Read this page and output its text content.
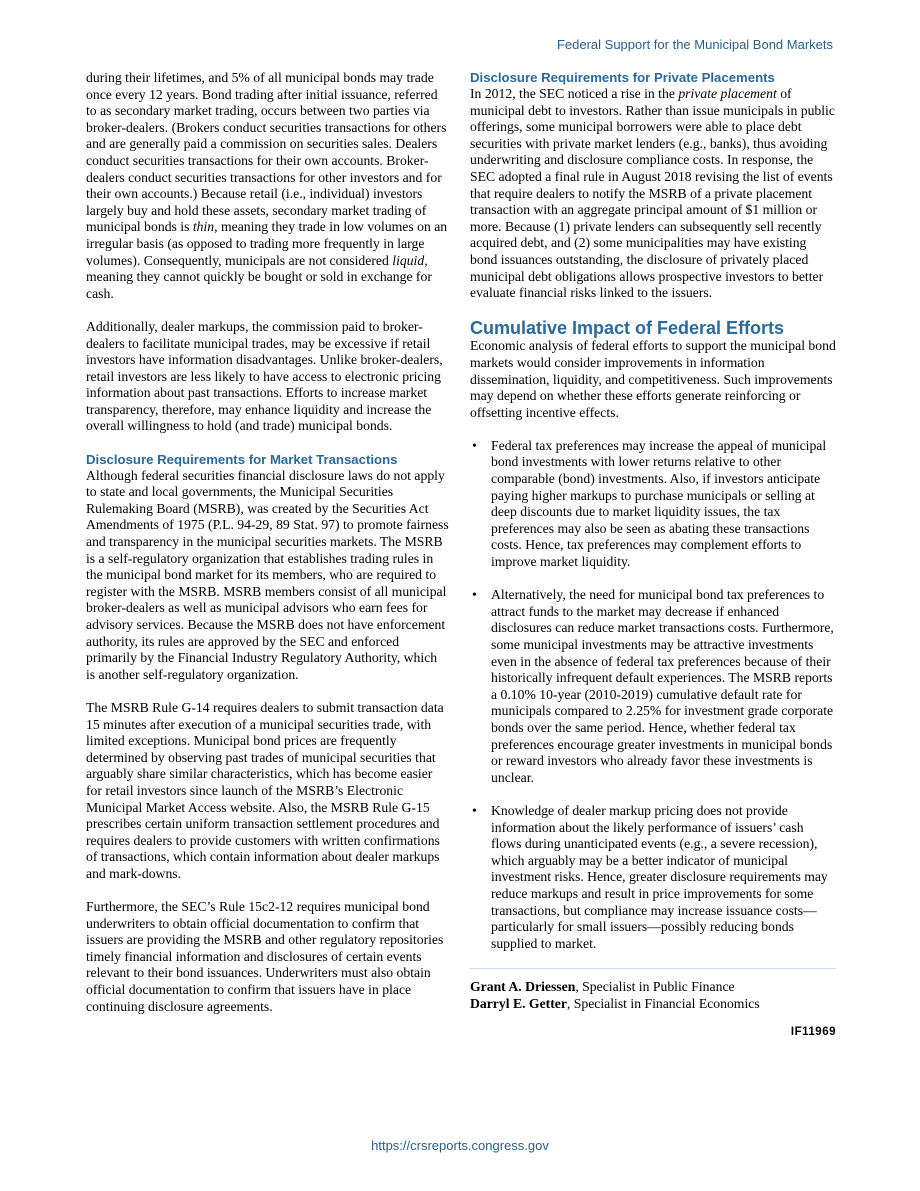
Federal Support for the Municipal Bond Markets

during their lifetimes, and 5% of all municipal bonds may trade once every 12 years. Bond trading after initial issuance, referred to as secondary market trading, occurs between two parties via broker-dealers. (Brokers conduct securities transactions for others and are generally paid a commission on securities sales. Dealers conduct securities transactions for their own accounts. Broker-dealers conduct securities transactions for other investors and for their own accounts.) Because retail (i.e., individual) investors largely buy and hold these assets, secondary market trading of municipal bonds is thin, meaning they trade in low volumes on an irregular basis (as opposed to trading more frequently in large volumes). Consequently, municipals are not considered liquid, meaning they cannot quickly be bought or sold in exchange for cash.

Additionally, dealer markups, the commission paid to broker-dealers to facilitate municipal trades, may be excessive if retail investors have information disadvantages. Unlike broker-dealers, retail investors are less likely to have access to electronic pricing information about past transactions. Efforts to increase market transparency, therefore, may enhance liquidity and increase the overall willingness to hold (and trade) municipal bonds.

Disclosure Requirements for Market Transactions

Although federal securities financial disclosure laws do not apply to state and local governments, the Municipal Securities Rulemaking Board (MSRB), was created by the Securities Act Amendments of 1975 (P.L. 94-29, 89 Stat. 97) to promote fairness and transparency in the municipal securities markets. The MSRB is a self-regulatory organization that establishes trading rules in the municipal bond market for its members, who are required to register with the MSRB. MSRB members consist of all municipal broker-dealers as well as municipal advisors who earn fees for advisory services. Because the MSRB does not have enforcement authority, its rules are approved by the SEC and enforced primarily by the Financial Industry Regulatory Authority, which is another self-regulatory organization.

The MSRB Rule G-14 requires dealers to submit transaction data 15 minutes after execution of a municipal securities trade, with limited exceptions. Municipal bond prices are frequently determined by observing past trades of municipal securities that arguably share similar characteristics, which has become easier for retail investors since launch of the MSRB’s Electronic Municipal Market Access website. Also, the MSRB Rule G-15 prescribes certain uniform transaction settlement procedures and requires dealers to provide customers with written confirmations of transactions, which contain information about dealer markups and mark-downs.

Furthermore, the SEC’s Rule 15c2-12 requires municipal bond underwriters to obtain official documentation to confirm that issuers are providing the MSRB and other regulatory repositories timely financial information and disclosures of certain events relevant to their bond issuances. Underwriters must also obtain official documentation to confirm that issuers have in place continuing disclosure agreements.

Disclosure Requirements for Private Placements

In 2012, the SEC noticed a rise in the private placement of municipal debt to investors. Rather than issue municipals in public offerings, some municipal borrowers were able to place debt securities with private market lenders (e.g., banks), thus avoiding underwriting and disclosure compliance costs. In response, the SEC adopted a final rule in August 2018 revising the list of events that require dealers to notify the MSRB of a private placement transaction with an aggregate principal amount of $1 million or more. Because (1) private lenders can subsequently sell recently acquired debt, and (2) some municipalities may have existing bond issuances outstanding, the disclosure of privately placed municipal debt obligations allows prospective investors to better evaluate financial risks linked to the issuers.

Cumulative Impact of Federal Efforts

Economic analysis of federal efforts to support the municipal bond markets would consider improvements in information dissemination, liquidity, and competitiveness. Such improvements may depend on whether these efforts generate reinforcing or offsetting incentive effects.

• Federal tax preferences may increase the appeal of municipal bond investments with lower returns relative to other comparable (bond) investments. Also, if investors anticipate paying higher markups to purchase municipals or selling at deep discounts due to market liquidity issues, the tax preferences may also be seen as abating these transactions costs. Hence, tax preferences may complement efforts to improve market liquidity.
• Alternatively, the need for municipal bond tax preferences to attract funds to the market may decrease if enhanced disclosures can reduce market transactions costs. Furthermore, some municipal investments may be attractive investments even in the absence of federal tax preferences because of their historically infrequent default experiences. The MSRB reports a 0.10% 10-year (2010-2019) cumulative default rate for municipals compared to 2.25% for investment grade corporate bonds over the same period. Hence, whether federal tax preferences encourage greater investments in municipal bonds or reward investors who already favor these investments is unclear.
• Knowledge of dealer markup pricing does not provide information about the likely performance of issuers’ cash flows during unanticipated events (e.g., a severe recession), which arguably may be a better indicator of municipal investment risks. Hence, greater disclosure requirements may reduce markups and result in price improvements for some transactions, but compliance may increase issuance costs—particularly for small issuers—possibly reducing bonds supplied to market.

Grant A. Driessen, Specialist in Public Finance

Darryl E. Getter, Specialist in Financial Economics

IF11969
https://crsreports.congress.gov
